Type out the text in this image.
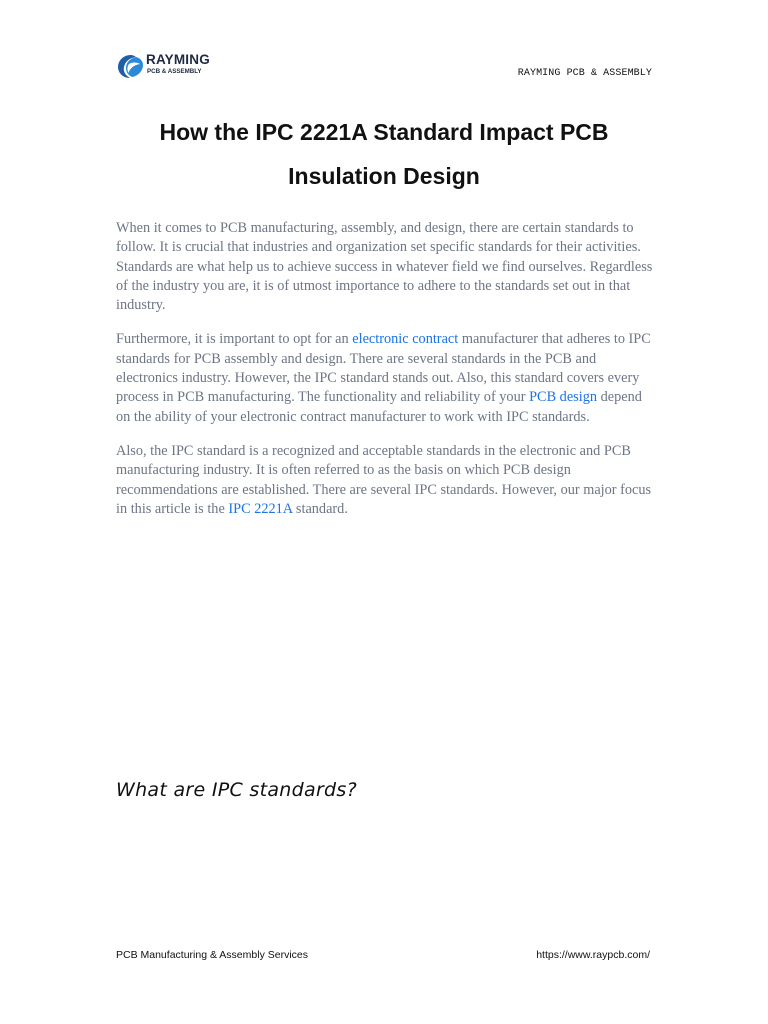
RAYMING
PCB & ASSEMBLY	RAYMING PCB & ASSEMBLY
How the IPC 2221A Standard Impact PCB
Insulation Design

When it comes to PCB manufacturing, assembly, and design, there are certain standards to follow. It is crucial that industries and organization set specific standards for their activities. Standards are what help us to achieve success in whatever field we find ourselves. Regardless of the industry you are, it is of utmost importance to adhere to the standards set out in that industry.

Furthermore, it is important to opt for an electronic contract manufacturer that adheres to IPC standards for PCB assembly and design. There are several standards in the PCB and electronics industry. However, the IPC standard stands out. Also, this standard covers every process in PCB manufacturing. The functionality and reliability of your PCB design depend on the ability of your electronic contract manufacturer to work with IPC standards.

Also, the IPC standard is a recognized and acceptable standards in the electronic and PCB manufacturing industry. It is often referred to as the basis on which PCB design recommendations are established. There are several IPC standards. However, our major focus in this article is the IPC 2221A standard.

What are IPC standards?
PCB Manufacturing & Assembly Services	https://www.raypcb.com/
